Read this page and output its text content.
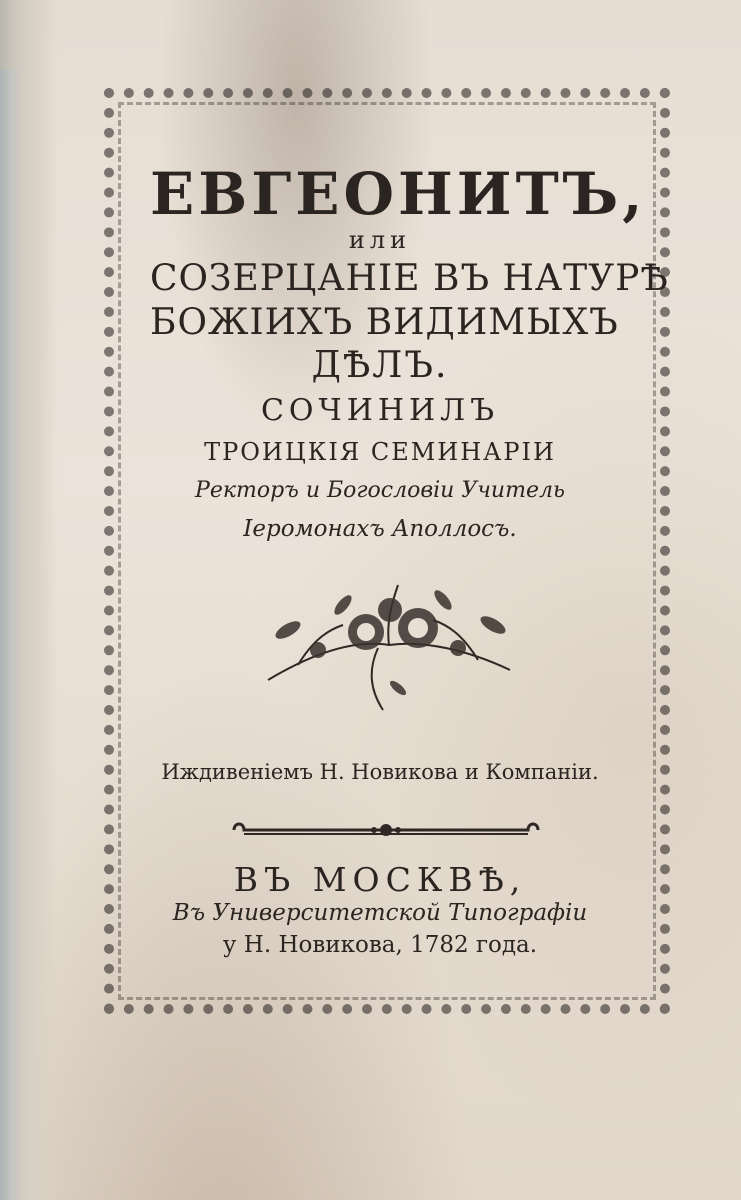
ЕВГЕОНИТЪ,
или
СОЗЕРЦАНІЕ ВЪ НАТУРѢ
БОЖІИХЪ ВИДИМЫХЪ
ДѢЛЪ.
СОЧИНИЛЪ
ТРОИЦКІЯ СЕМИНАРІИ
Ректоръ и Богословіи Учитель
Іеромонахъ Аполлосъ.
Иждивеніемъ Н. Новикова и Компаніи.
ВЪ МОСКВѢ,
Въ Университетской Типографіи
у Н. Новикова, 1782 года.
